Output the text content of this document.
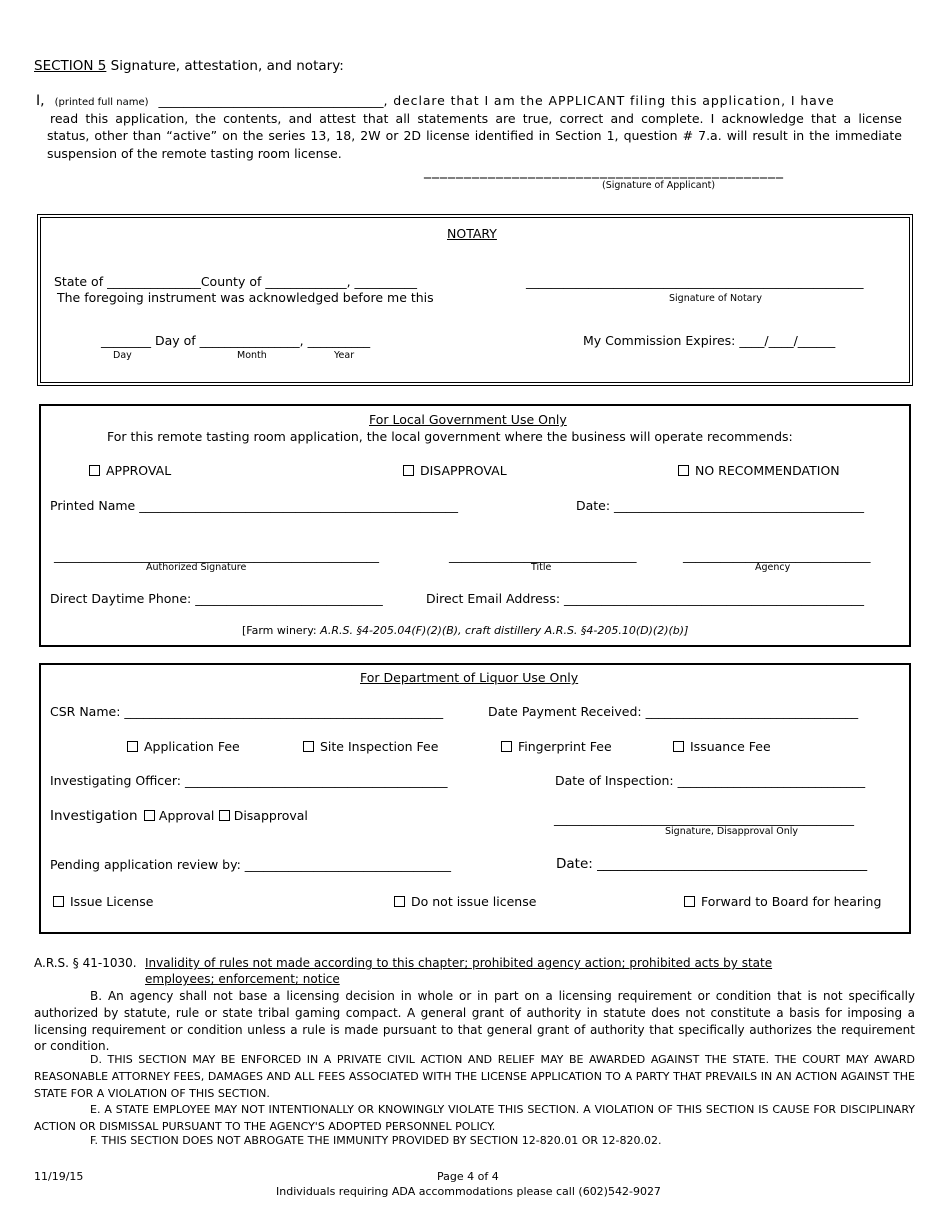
SECTION 5 Signature, attestation, and notary:
I, (printed full name) ____________________________________, declare that I am the APPLICANT filing this application, I have
read this application, the contents, and attest that all statements are true, correct and complete. I acknowledge that a license
status, other than “active” on the series 13, 18, 2W or 2D license identified in Section 1, question # 7.a. will result in the immediate
suspension of the remote tasting room license.
_____________________________________________
(Signature of Applicant)
NOTARY
State of _______________County of _____________, __________
The foregoing instrument was acknowledged before me this
______________________________________________________
Signature of Notary
________ Day of ________________, __________
Day	Month	Year
My Commission Expires: ____/____/______
For Local Government Use Only
For this remote tasting room application, the local government where the business will operate recommends:
APPROVAL	DISAPPROVAL	NO RECOMMENDATION
Printed Name ___________________________________________________	Date: ________________________________________
____________________________________________________	______________________________	______________________________
Authorized Signature	Title	Agency
Direct Daytime Phone: ______________________________	Direct Email Address: ________________________________________________
[Farm winery: A.R.S. §4-205.04(F)(2)(B), craft distillery A.R.S. §4-205.10(D)(2)(b)]
For Department of Liquor Use Only
CSR Name: ___________________________________________________	Date Payment Received: __________________________________
Application Fee	Site Inspection Fee	Fingerprint Fee	Issuance Fee
Investigating Officer: __________________________________________	Date of Inspection: ______________________________
Investigation Approval Disapproval	________________________________________________
Signature, Disapproval Only
Pending application review by: _________________________________	Date: ________________________________________
Issue License	Do not issue license	Forward to Board for hearing
A.R.S. § 41-1030. Invalidity of rules not made according to this chapter; prohibited agency action; prohibited acts by state
employees; enforcement; notice
B. An agency shall not base a licensing decision in whole or in part on a licensing requirement or condition that is not specifically authorized by statute, rule or state tribal gaming compact. A general grant of authority in statute does not constitute a basis for imposing a licensing requirement or condition unless a rule is made pursuant to that general grant of authority that specifically authorizes the requirement or condition.
D. THIS SECTION MAY BE ENFORCED IN A PRIVATE CIVIL ACTION AND RELIEF MAY BE AWARDED AGAINST THE STATE. THE COURT MAY AWARD REASONABLE ATTORNEY FEES, DAMAGES AND ALL FEES ASSOCIATED WITH THE LICENSE APPLICATION TO A PARTY THAT PREVAILS IN AN ACTION AGAINST THE STATE FOR A VIOLATION OF THIS SECTION.
E. A STATE EMPLOYEE MAY NOT INTENTIONALLY OR KNOWINGLY VIOLATE THIS SECTION. A VIOLATION OF THIS SECTION IS CAUSE FOR DISCIPLINARY ACTION OR DISMISSAL PURSUANT TO THE AGENCY'S ADOPTED PERSONNEL POLICY.
F. THIS SECTION DOES NOT ABROGATE THE IMMUNITY PROVIDED BY SECTION 12-820.01 OR 12-820.02.
11/19/15	Page 4 of 4
Individuals requiring ADA accommodations please call (602)542-9027
